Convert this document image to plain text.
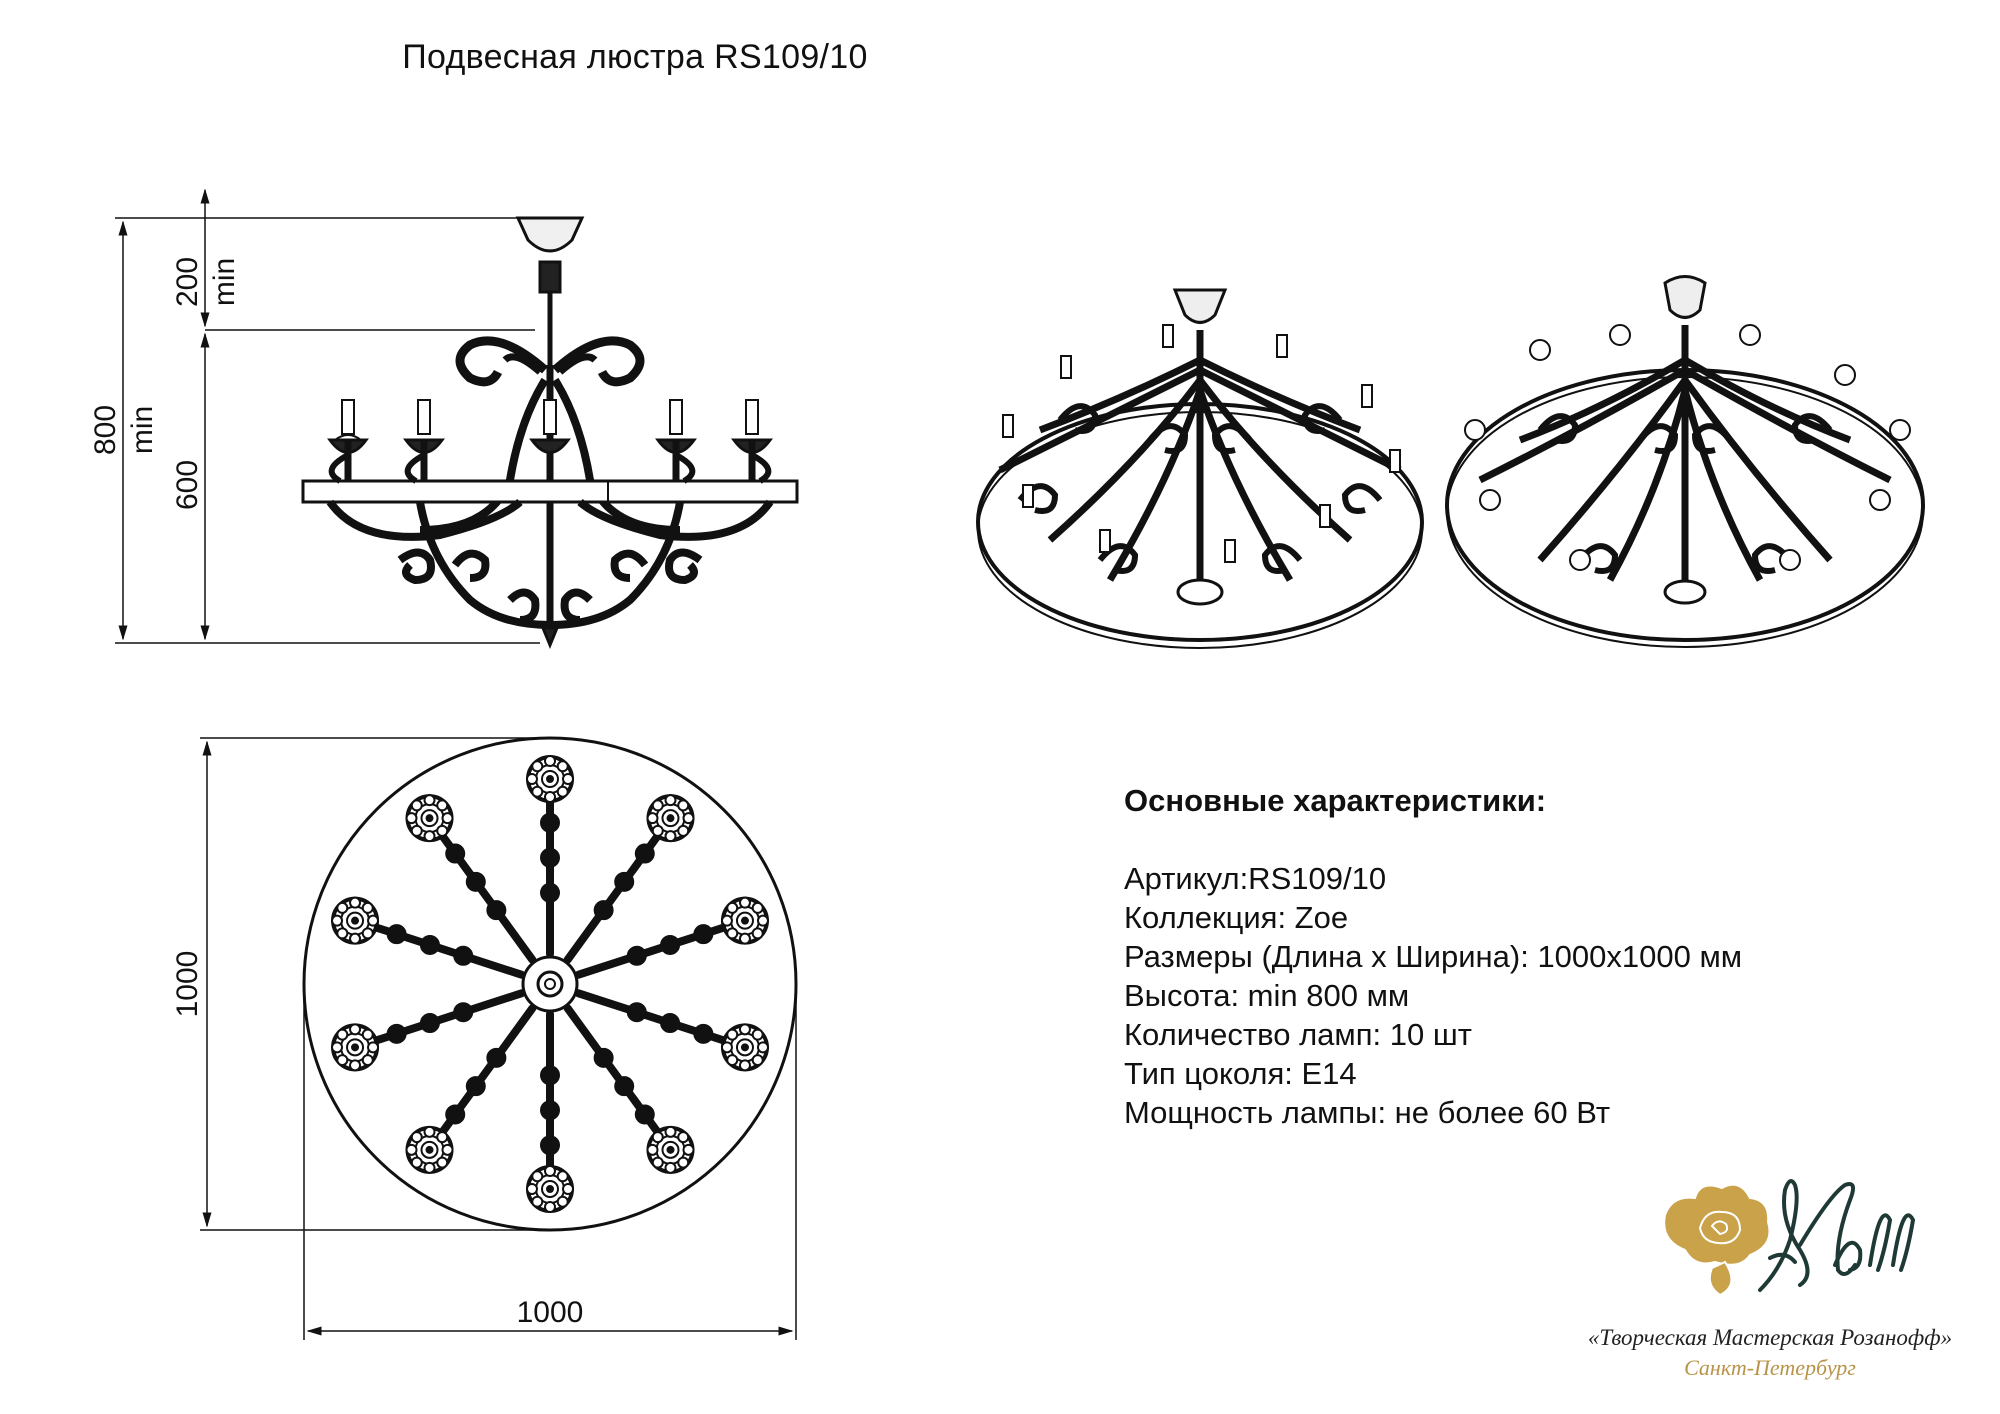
Подвесная люстра RS109/10
800 min
200 min
600
1000
1000
Основные характеристики:
Артикул:RS109/10
Коллекция: Zoe
Размеры (Длина х Ширина): 1000x1000 мм
Высота: min 800 мм
Количество ламп: 10 шт
Тип цоколя: E14
Мощность лампы: не более 60 Вт
«Творческая Мастерская Розанофф»
Санкт-Петербург
